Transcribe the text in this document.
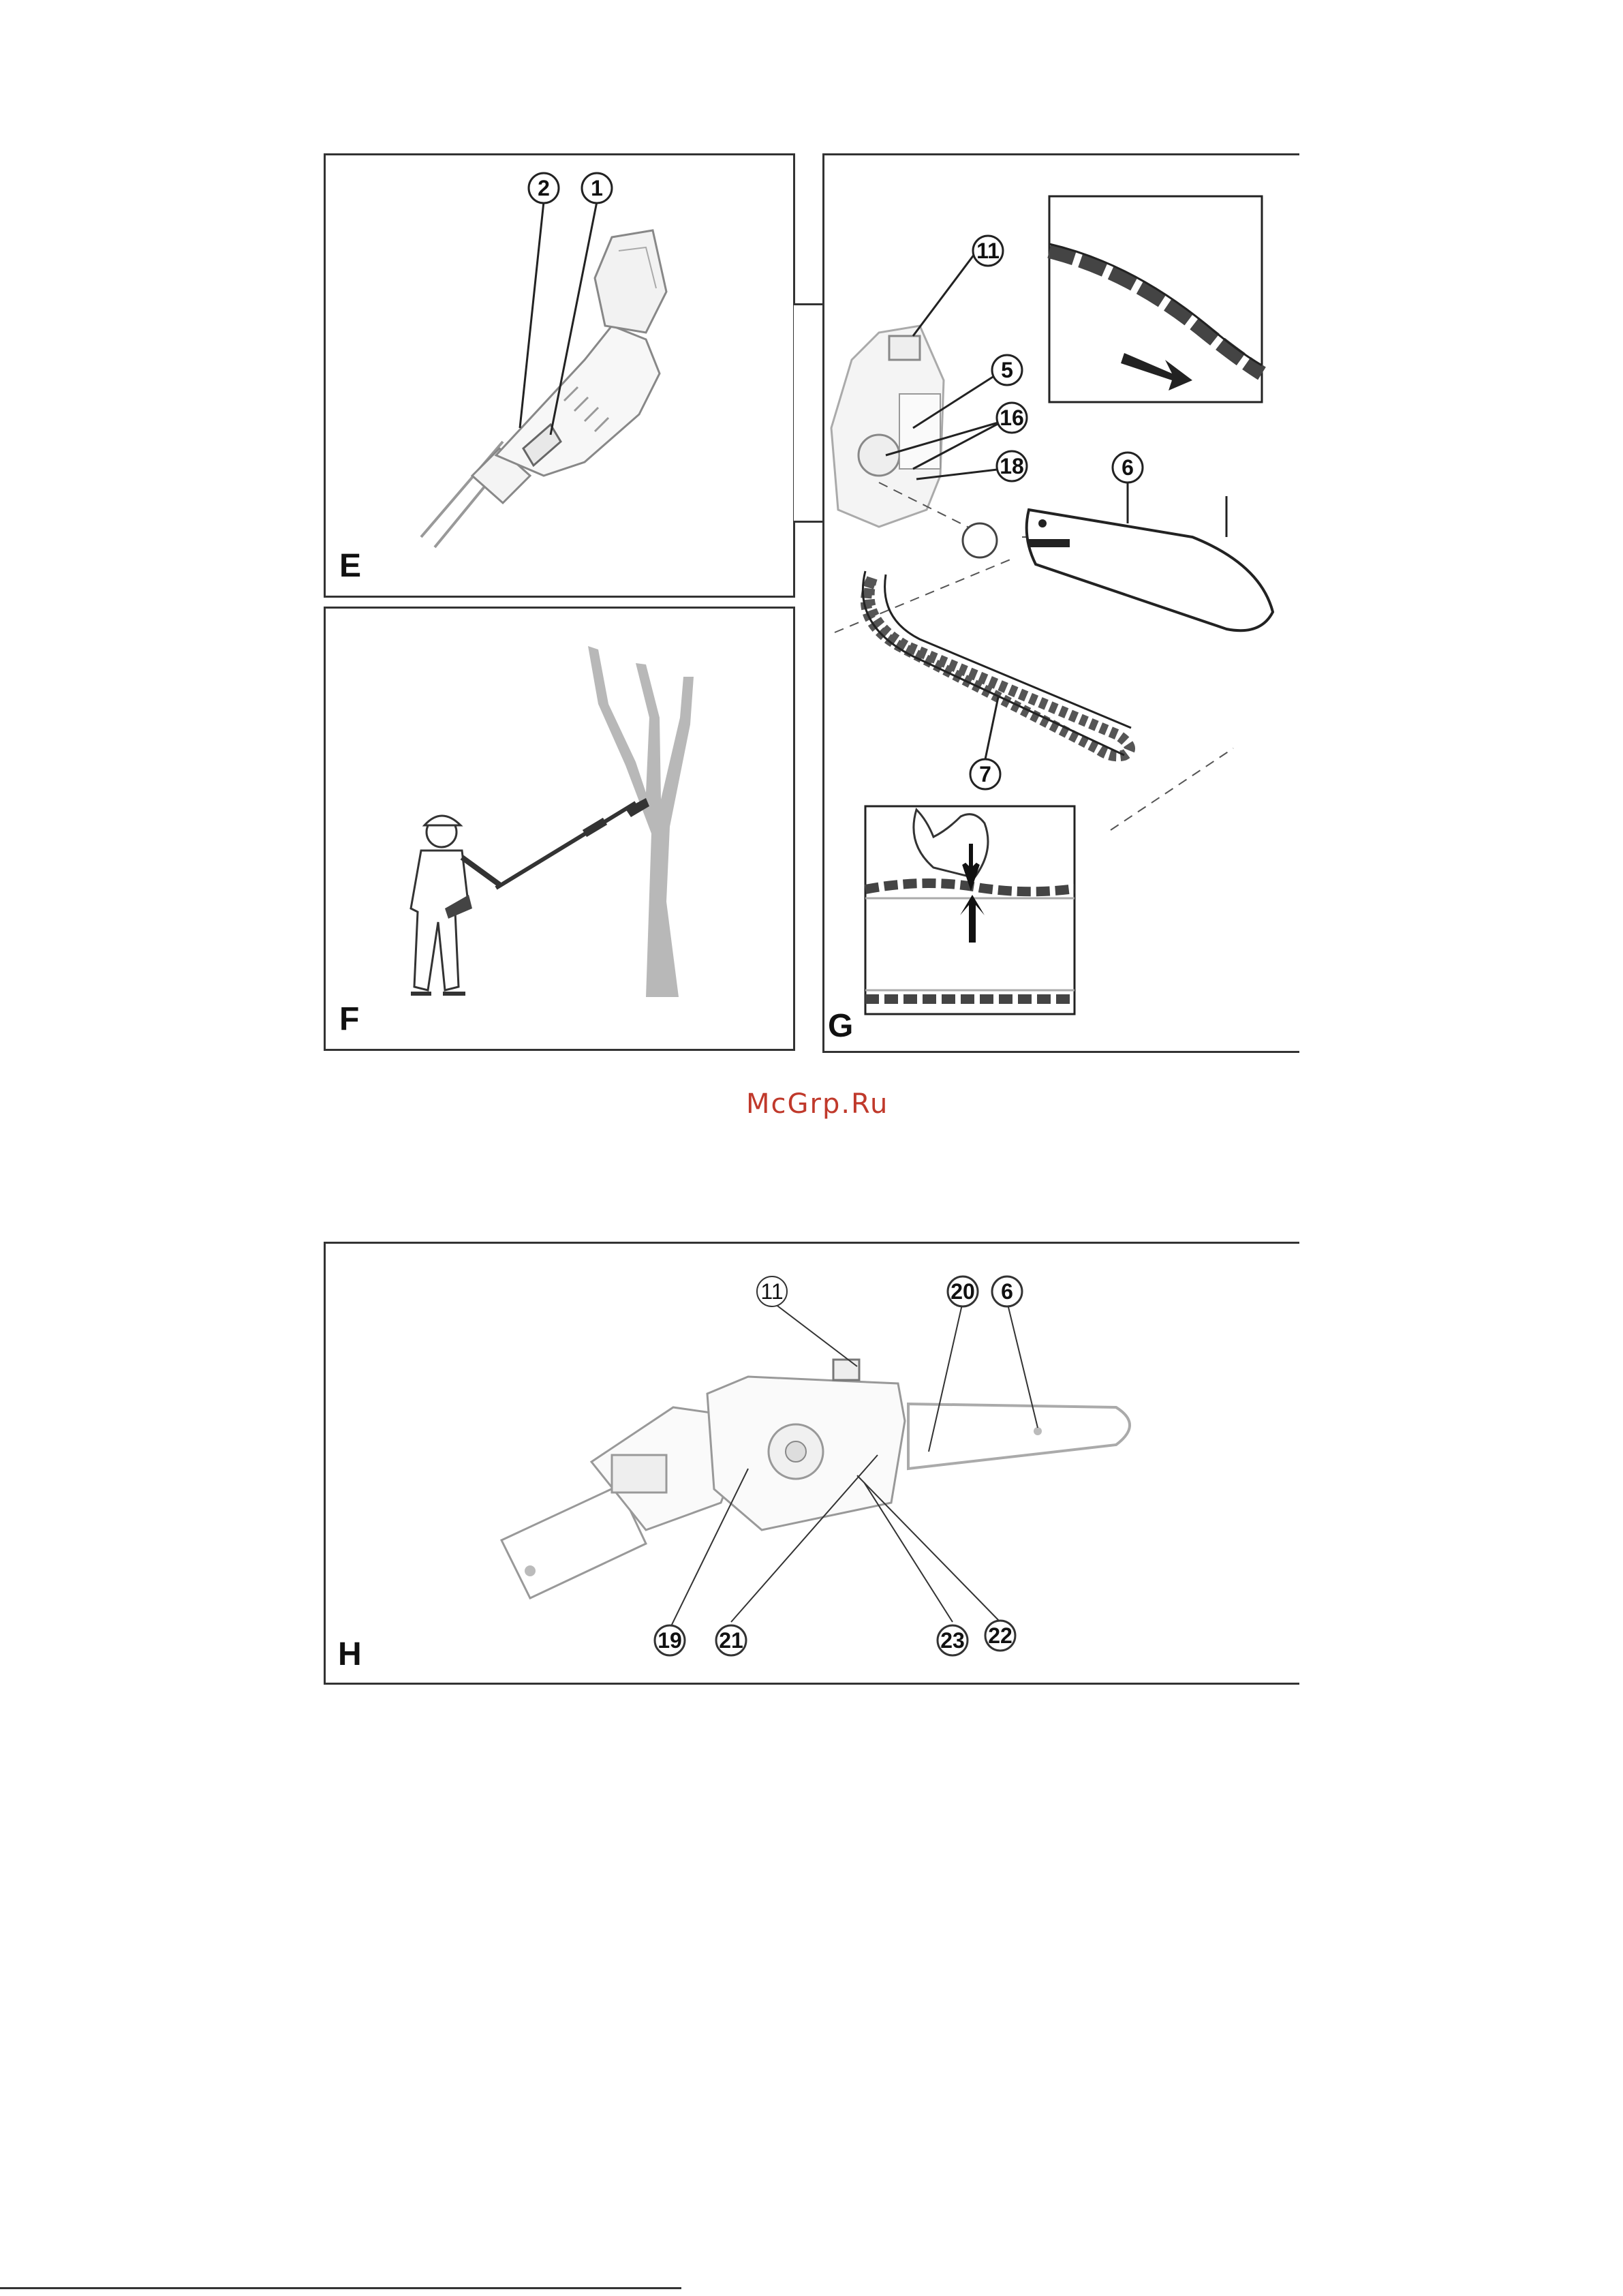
2 1
E
F
11
5
16
18	6
7
G
McGrp.Ru
11	20 6
19 21	23 22
H
